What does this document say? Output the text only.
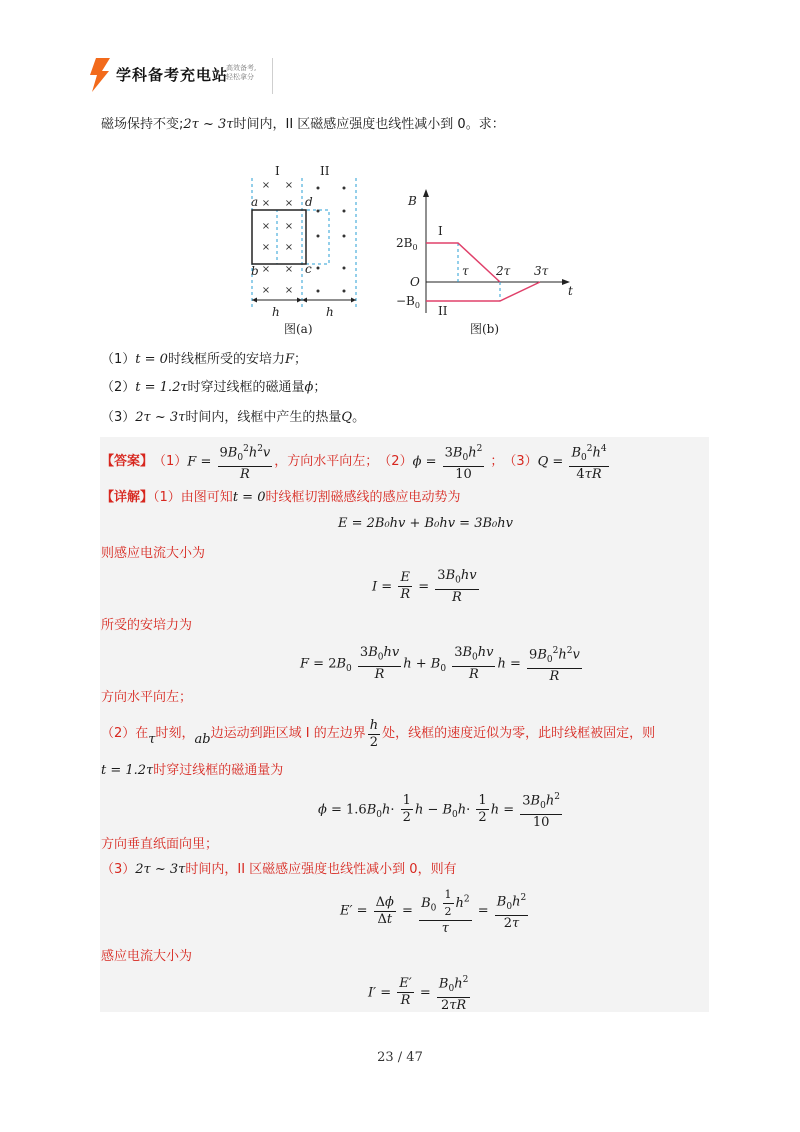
学科备考充电站
高效备考,
轻松拿分
磁场保持不变;2τ ~ 3τ时间内，II 区磁感应强度也线性减小到 0。求：
× ×
× ×
× ×
× ×
× ×
× ×
I	II
a
b	c
d
h	h
图(a)
B
t
O
$2B_0$
$-B_0$
τ 2τ 3τ
I
II
图(b)
（1）t = 0时线框所受的安培力F；
（2）t = 1.2τ时穿过线框的磁通量ϕ；
（3）2τ ~ 3τ时间内，线框中产生的热量Q。
【答案】 （1） $F = \frac{9B_0^2h^2v}{R}$ ，方向水平向左； （2） $\phi = \frac{3B_0h^2}{10}$ ； （3） $Q = \frac{B_0^2h^4}{4\tau R}$
【详解】（1）由图可知t = 0时线框切割磁感线的感应电动势为
E = 2B₀hv + B₀hv = 3B₀hv
则感应电流大小为
$I = \frac{E}{R} = \frac{3B_0hv}{R}$
所受的安培力为
$F = 2B_0 \frac{3B_0hv}{R}$ $h + B_0 \frac{3B_0hv}{R}$ $h = \frac{9B_0^2h^2v}{R}$
方向水平向左；
（2） 在 τ 时刻， ab 边运动到距区域 I 的左边界 $\frac{h}{2}$ 处，线框的速度近似为零，此时线框被固定，则
t = 1.2τ时穿过线框的磁通量为
$\phi = 1.6B_0h\cdot \frac{1}{2}$ $h - B_0h\cdot \frac{1}{2}$ $h = \frac{3B_0h^2}{10}$
方向垂直纸面向里；
（3）2τ ~ 3τ时间内，II 区磁感应强度也线性减小到 0，则有
$E' = \frac{\Delta\phi}{\Delta t} = \frac{B_0 \frac{1}{2} h^2}{\tau} = \frac{B_0h^2}{2\tau}$
感应电流大小为
$I' = \frac{E'}{R} = \frac{B_0h^2}{2\tau R}$
23 / 47
